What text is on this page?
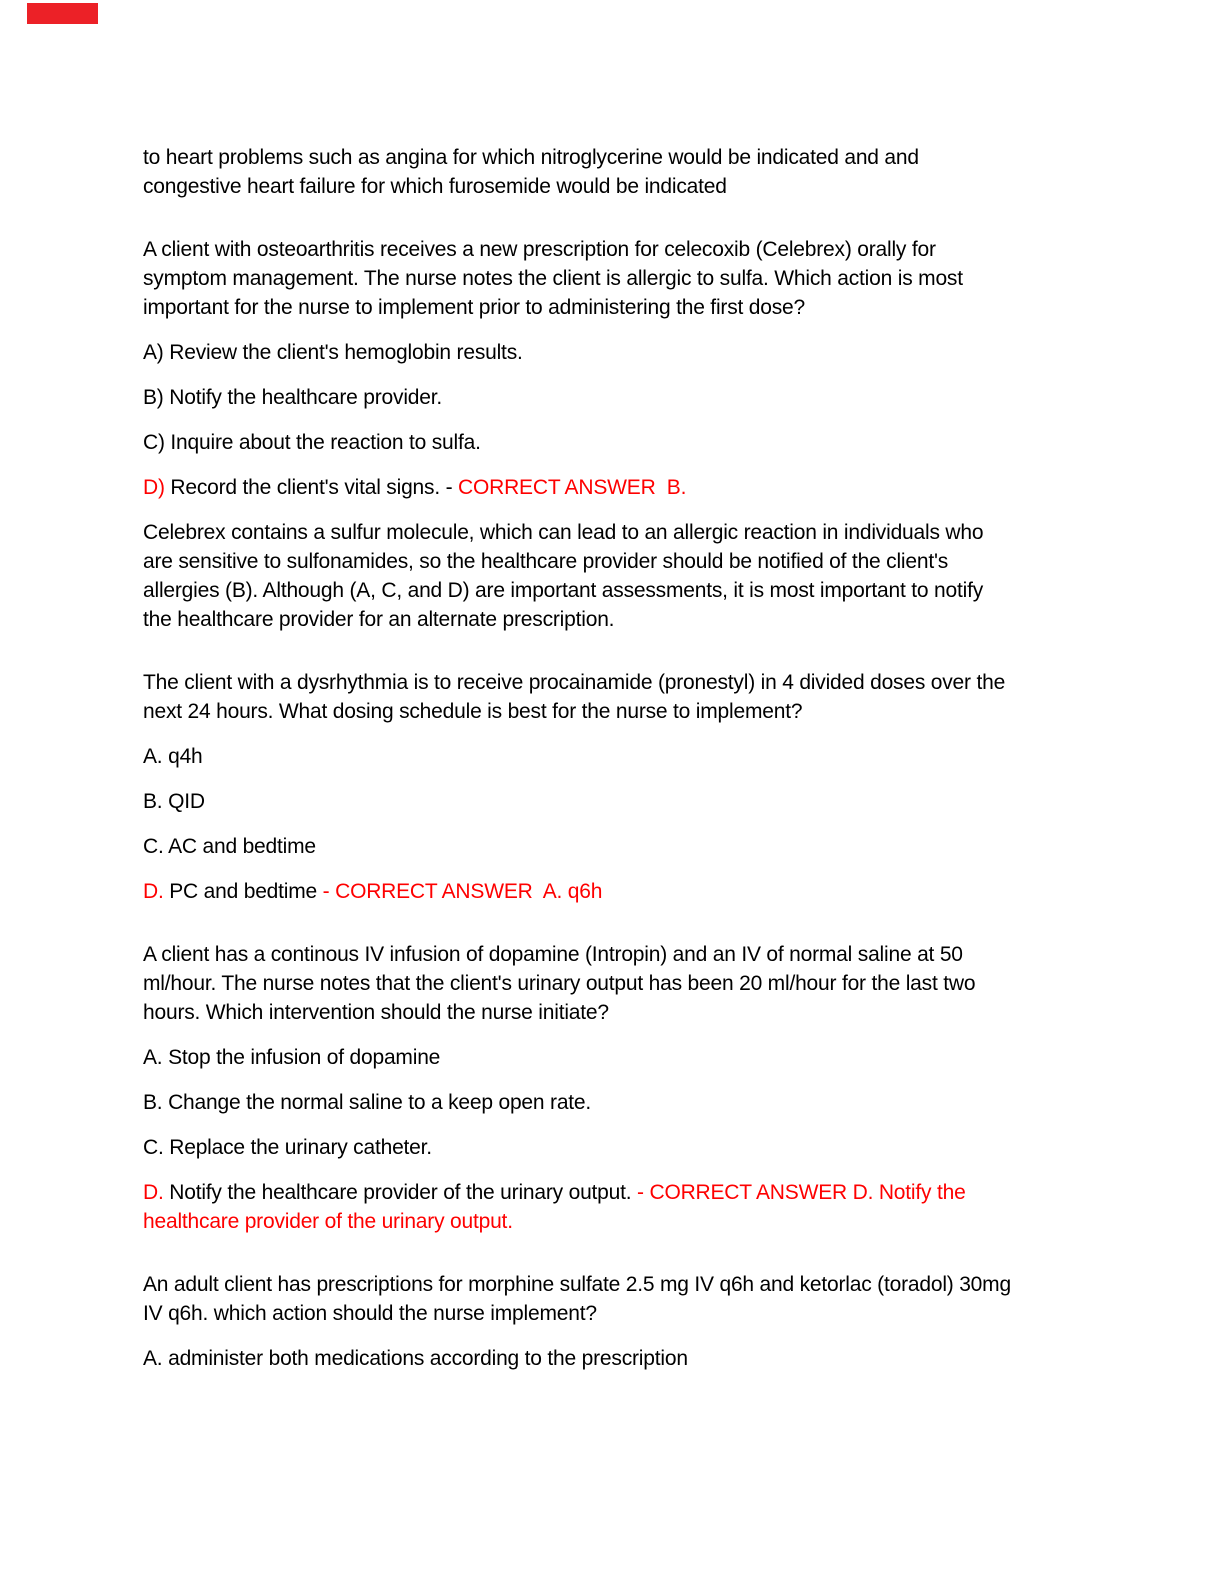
to heart problems such as angina for which nitroglycerine would be indicated and and
congestive heart failure for which furosemide would be indicated

A client with osteoarthritis receives a new prescription for celecoxib (Celebrex) orally for
symptom management. The nurse notes the client is allergic to sulfa. Which action is most
important for the nurse to implement prior to administering the first dose?

A) Review the client's hemoglobin results.

B) Notify the healthcare provider.

C) Inquire about the reaction to sulfa.

D) Record the client's vital signs. - CORRECT ANSWER  B.

Celebrex contains a sulfur molecule, which can lead to an allergic reaction in individuals who
are sensitive to sulfonamides, so the healthcare provider should be notified of the client's
allergies (B). Although (A, C, and D) are important assessments, it is most important to notify
the healthcare provider for an alternate prescription.

The client with a dysrhythmia is to receive procainamide (pronestyl) in 4 divided doses over the
next 24 hours. What dosing schedule is best for the nurse to implement?

A. q4h

B. QID

C. AC and bedtime

D. PC and bedtime - CORRECT ANSWER  A. q6h

A client has a continous IV infusion of dopamine (Intropin) and an IV of normal saline at 50
ml/hour. The nurse notes that the client's urinary output has been 20 ml/hour for the last two
hours. Which intervention should the nurse initiate?

A. Stop the infusion of dopamine

B. Change the normal saline to a keep open rate.

C. Replace the urinary catheter.

D. Notify the healthcare provider of the urinary output. - CORRECT ANSWER D. Notify the
healthcare provider of the urinary output.

An adult client has prescriptions for morphine sulfate 2.5 mg IV q6h and ketorlac (toradol) 30mg
IV q6h. which action should the nurse implement?

A. administer both medications according to the prescription
